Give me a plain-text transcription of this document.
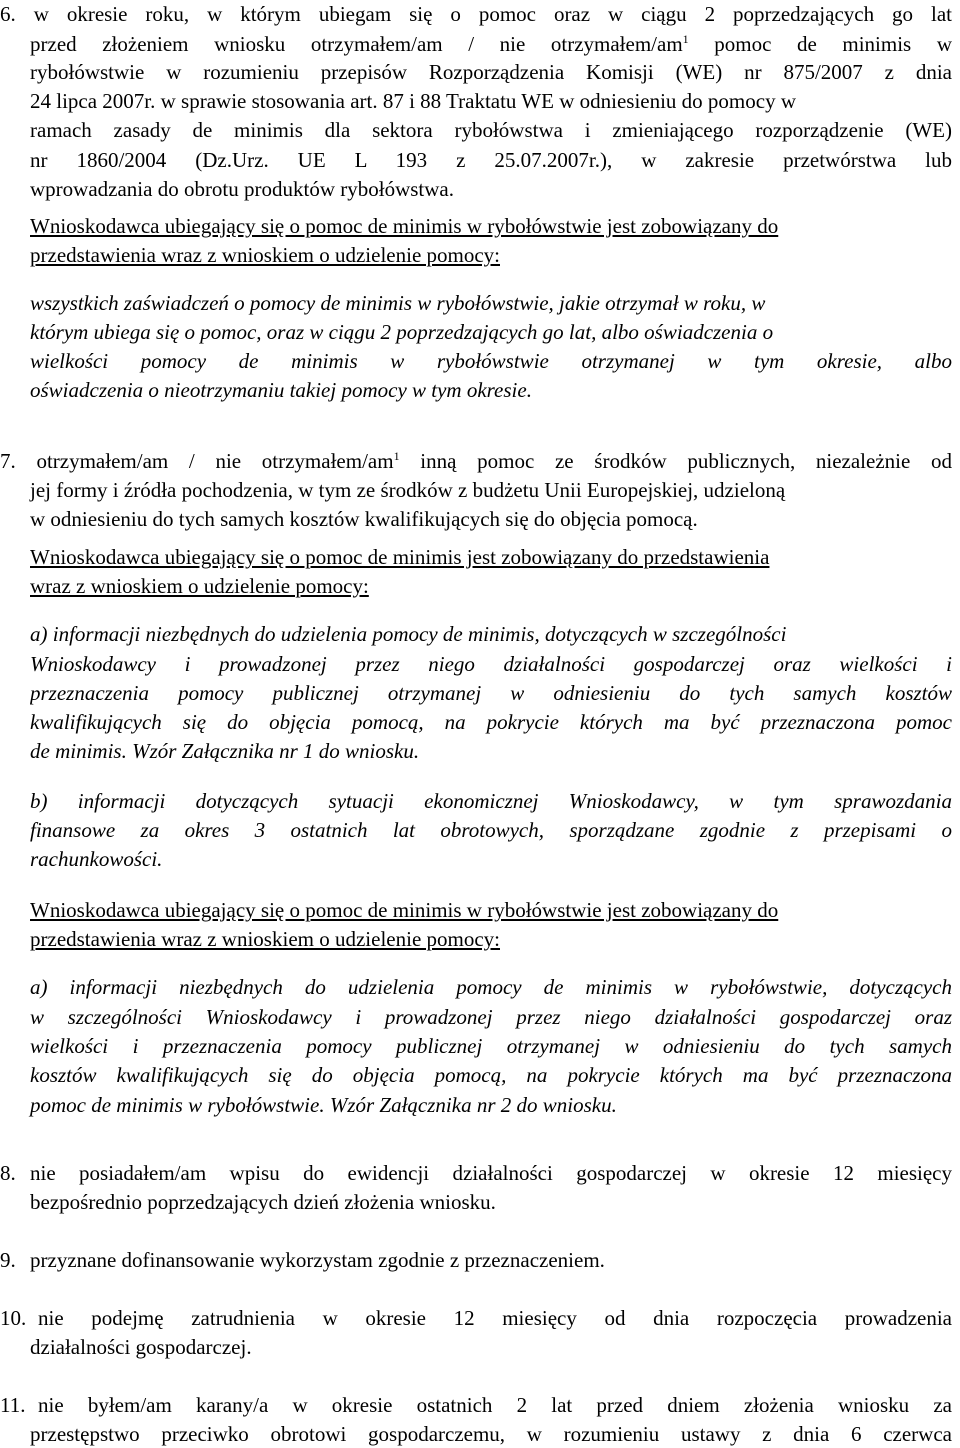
6. w okresie roku, w którym ubiegam się o pomoc oraz w ciągu 2 poprzedzających go lat
przed złożeniem wniosku otrzymałem/am / nie otrzymałem/$am^1$ pomoc de minimis w
rybołówstwie w rozumieniu przepisów Rozporządzenia Komisji (WE) nr 875/2007 z dnia
24 lipca 2007r. w sprawie stosowania art. 87 i 88 Traktatu WE w odniesieniu do pomocy w
ramach zasady de minimis dla sektora rybołówstwa i zmieniającego rozporządzenie (WE)
nr 1860/2004 (Dz.Urz. UE L 193 z 25.07.2007r.), w zakresie przetwórstwa lub
wprowadzania do obrotu produktów rybołówstwa.
Wnioskodawca ubiegający się o pomoc de minimis w rybołówstwie jest zobowiązany do
przedstawienia wraz z wnioskiem o udzielenie pomocy:
wszystkich zaświadczeń o pomocy de minimis w rybołówstwie, jakie otrzymał w roku, w
którym ubiega się o pomoc, oraz w ciągu 2 poprzedzających go lat, albo oświadczenia o
wielkości pomocy de minimis w rybołówstwie otrzymanej w tym okresie, albo
oświadczenia o nieotrzymaniu takiej pomocy w tym okresie.
7. otrzymałem/am / nie otrzymałem/$am^1$ inną pomoc ze środków publicznych, niezależnie od
jej formy i źródła pochodzenia, w tym ze środków z budżetu Unii Europejskiej, udzieloną
w odniesieniu do tych samych kosztów kwalifikujących się do objęcia pomocą.
Wnioskodawca ubiegający się o pomoc de minimis jest zobowiązany do przedstawienia
wraz z wnioskiem o udzielenie pomocy:
a) informacji niezbędnych do udzielenia pomocy de minimis, dotyczących w szczególności
Wnioskodawcy i prowadzonej przez niego działalności gospodarczej oraz wielkości i
przeznaczenia pomocy publicznej otrzymanej w odniesieniu do tych samych kosztów
kwalifikujących się do objęcia pomocą, na pokrycie których ma być przeznaczona pomoc
de minimis. Wzór Załącznika nr 1 do wniosku.
b) informacji dotyczących sytuacji ekonomicznej Wnioskodawcy, w tym sprawozdania
finansowe za okres 3 ostatnich lat obrotowych, sporządzane zgodnie z przepisami o
rachunkowości.
Wnioskodawca ubiegający się o pomoc de minimis w rybołówstwie jest zobowiązany do
przedstawienia wraz z wnioskiem o udzielenie pomocy:
a) informacji niezbędnych do udzielenia pomocy de minimis w rybołówstwie, dotyczących
w szczególności Wnioskodawcy i prowadzonej przez niego działalności gospodarczej oraz
wielkości i przeznaczenia pomocy publicznej otrzymanej w odniesieniu do tych samych
kosztów kwalifikujących się do objęcia pomocą, na pokrycie których ma być przeznaczona
pomoc de minimis w rybołówstwie. Wzór Załącznika nr 2 do wniosku.
8. nie posiadałem/am wpisu do ewidencji działalności gospodarczej w okresie 12 miesięcy
bezpośrednio poprzedzających dzień złożenia wniosku.
9. przyznane dofinansowanie wykorzystam zgodnie z przeznaczeniem.
10. nie podejmę zatrudnienia w okresie 12 miesięcy od dnia rozpoczęcia prowadzenia
działalności gospodarczej.
11. nie byłem/am karany/a w okresie ostatnich 2 lat przed dniem złożenia wniosku za
przestępstwo przeciwko obrotowi gospodarczemu, w rozumieniu ustawy z dnia 6 czerwca
